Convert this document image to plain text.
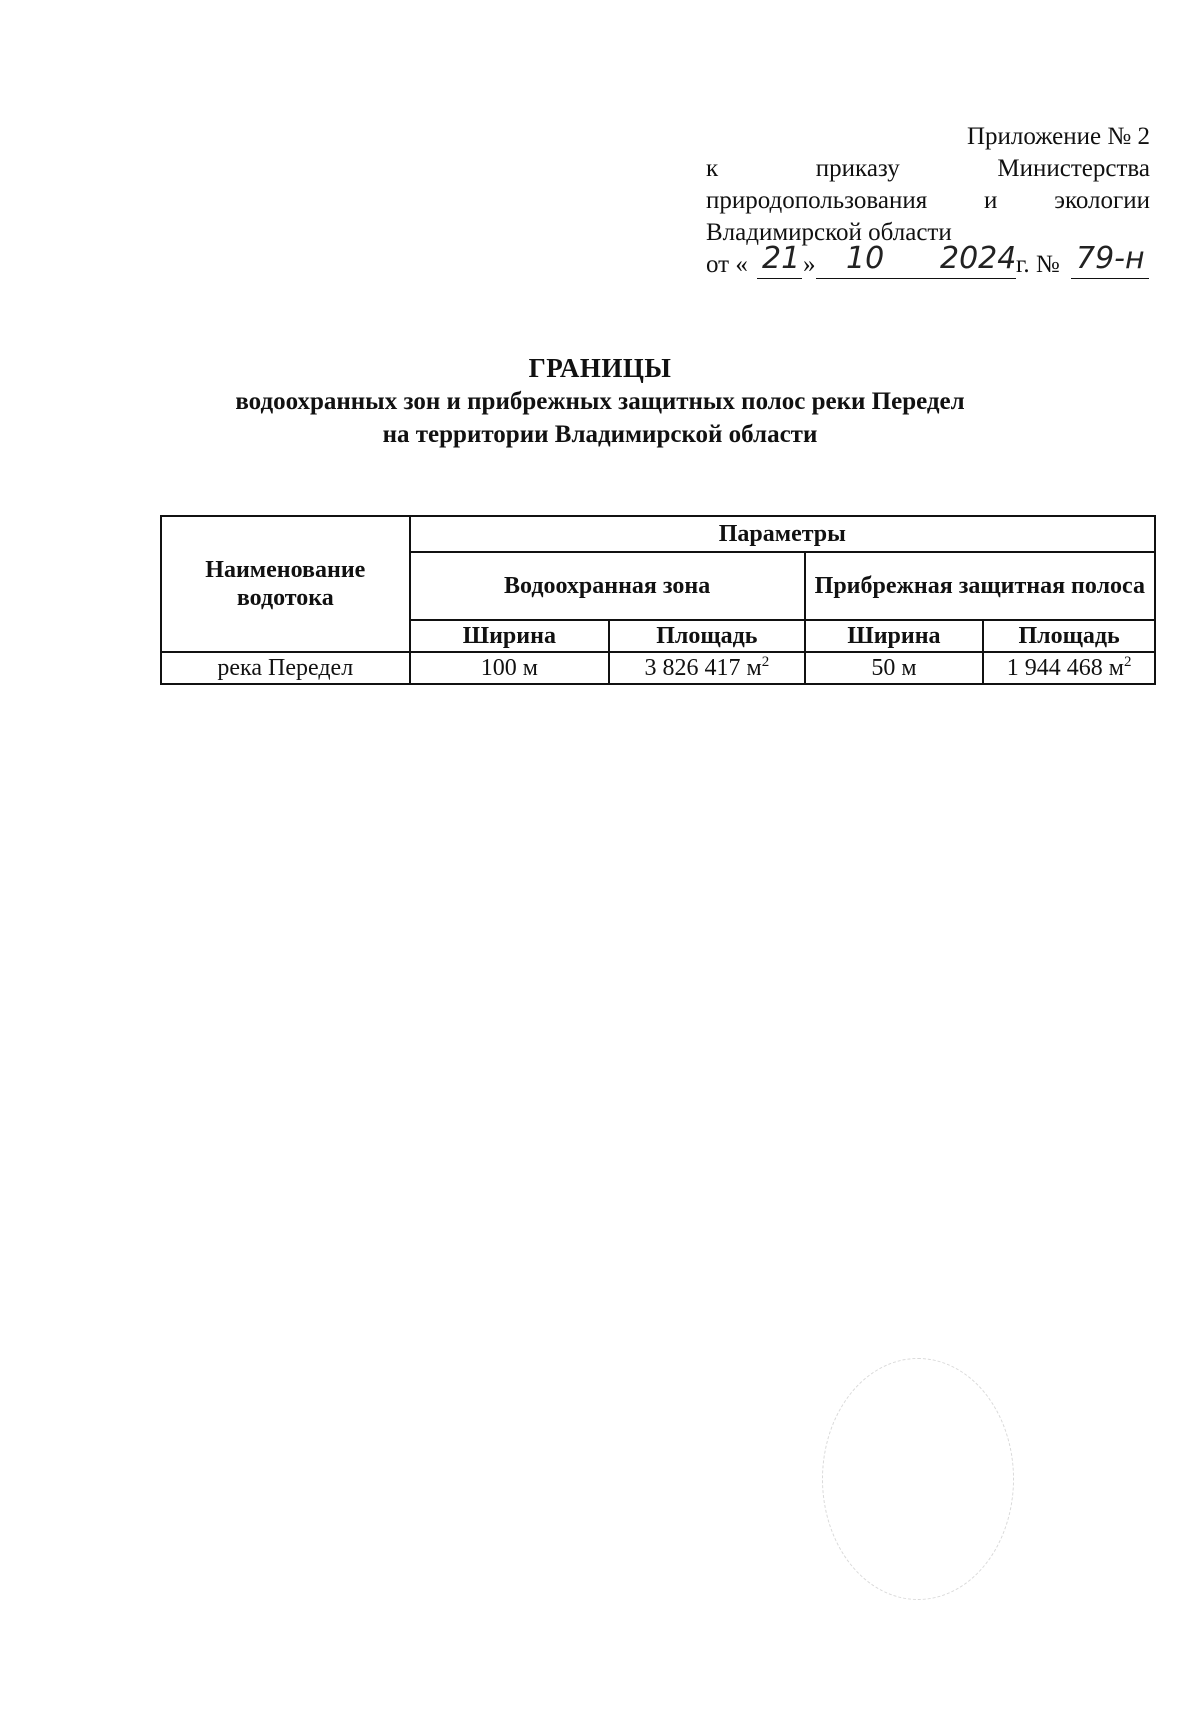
Приложение № 2
к	приказу	Министерства
природопользования и экологии
Владимирской области
от « 21 » 10 2024 г. № 79-н
ГРАНИЦЫ
водоохранных зон и прибрежных защитных полос реки Передел
на территории Владимирской области
Наименование водотока	Параметры			
	Водоохранная зона		Прибрежная защитная полоса	
	Ширина	Площадь	Ширина	Площадь
река Передел	100 м	3 826 417 $м^2$	50 м	1 944 468 $м^2$
